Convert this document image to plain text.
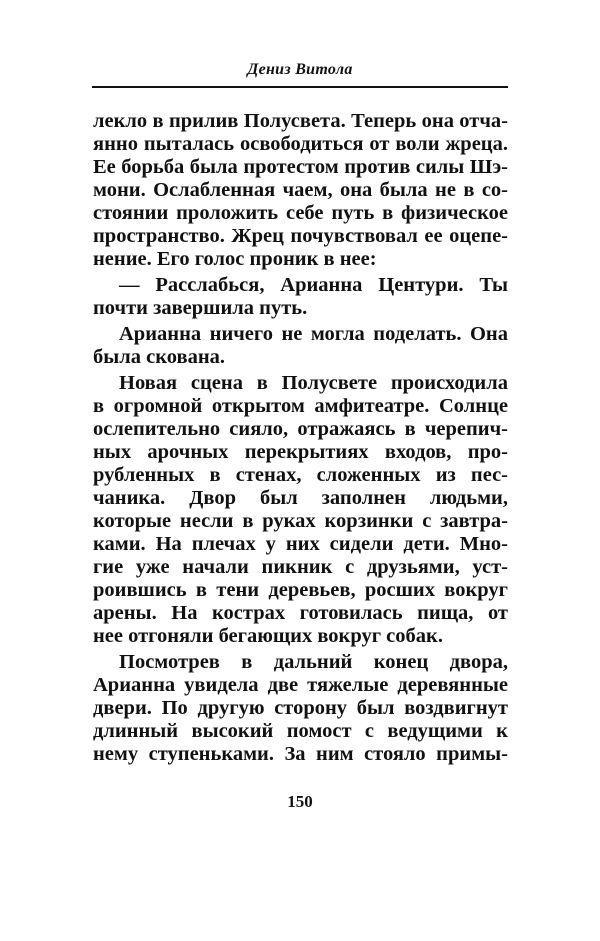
Дениз Витола
лекло в прилив Полусвета. Теперь она отча-
янно пыталась освободиться от воли жреца.
Ее борьба была протестом против силы Шэ-
мони. Ослабленная чаем, она была не в со-
стоянии проложить себе путь в физическое
пространство. Жрец почувствовал ее оцепе-
нение. Его голос проник в нее:
— Расслабься, Арианна Центури. Ты
почти завершила путь.
Арианна ничего не могла поделать. Она
была скована.
Новая сцена в Полусвете происходила
в огромной открытом амфитеатре. Солнце
ослепительно сияло, отражаясь в черепич-
ных арочных перекрытиях входов, про-
рубленных в стенах, сложенных из пес-
чаника. Двор был заполнен людьми,
которые несли в руках корзинки с завтра-
ками. На плечах у них сидели дети. Мно-
гие уже начали пикник с друзьями, уст-
роившись в тени деревьев, росших вокруг
арены. На кострах готовилась пища, от
нее отгоняли бегающих вокруг собак.
Посмотрев в дальний конец двора,
Арианна увидела две тяжелые деревянные
двери. По другую сторону был воздвигнут
длинный высокий помост с ведущими к
нему ступеньками. За ним стояло примы-
150
